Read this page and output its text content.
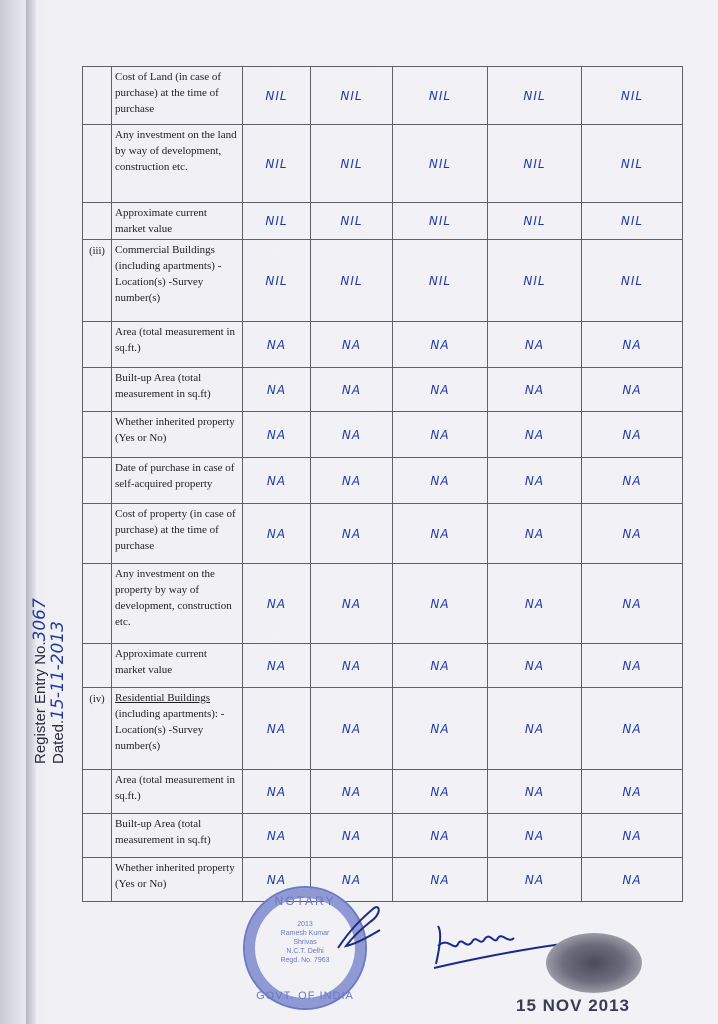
	Cost of Land (in case of purchase) at the time of purchase	NIL	NIL	NIL	NIL	NIL
	Any investment on the land by way of development, construction etc.	NIL	NIL	NIL	NIL	NIL
	Approximate current market value	NIL	NIL	NIL	NIL	NIL
(iii)	Commercial Buildings (including apartments) -Location(s) -Survey number(s)	NIL	NIL	NIL	NIL	NIL
	Area (total measurement in sq.ft.)	NA	NA	NA	NA	NA
	Built-up Area (total measurement in sq.ft)	NA	NA	NA	NA	NA
	Whether inherited property (Yes or No)	NA	NA	NA	NA	NA
	Date of purchase in case of self-acquired property	NA	NA	NA	NA	NA
	Cost of property (in case of purchase) at the time of purchase	NA	NA	NA	NA	NA
	Any investment on the property by way of development, construction etc.	NA	NA	NA	NA	NA
	Approximate current market value	NA	NA	NA	NA	NA
(iv)	Residential Buildings (including apartments): -Location(s) -Survey number(s)	NA	NA	NA	NA	NA
	Area (total measurement in sq.ft.)	NA	NA	NA	NA	NA
	Built-up Area (total measurement in sq.ft)	NA	NA	NA	NA	NA
	Whether inherited property (Yes or No)	NA	NA	NA	NA	NA
Register Entry No.3067
Dated.15-11-2013
NOTARY
2013
Ramesh Kumar Shrivas
N.C.T. Delhi
Regd. No. 7963
GOVT. OF INDIA	15 NOV 2013
